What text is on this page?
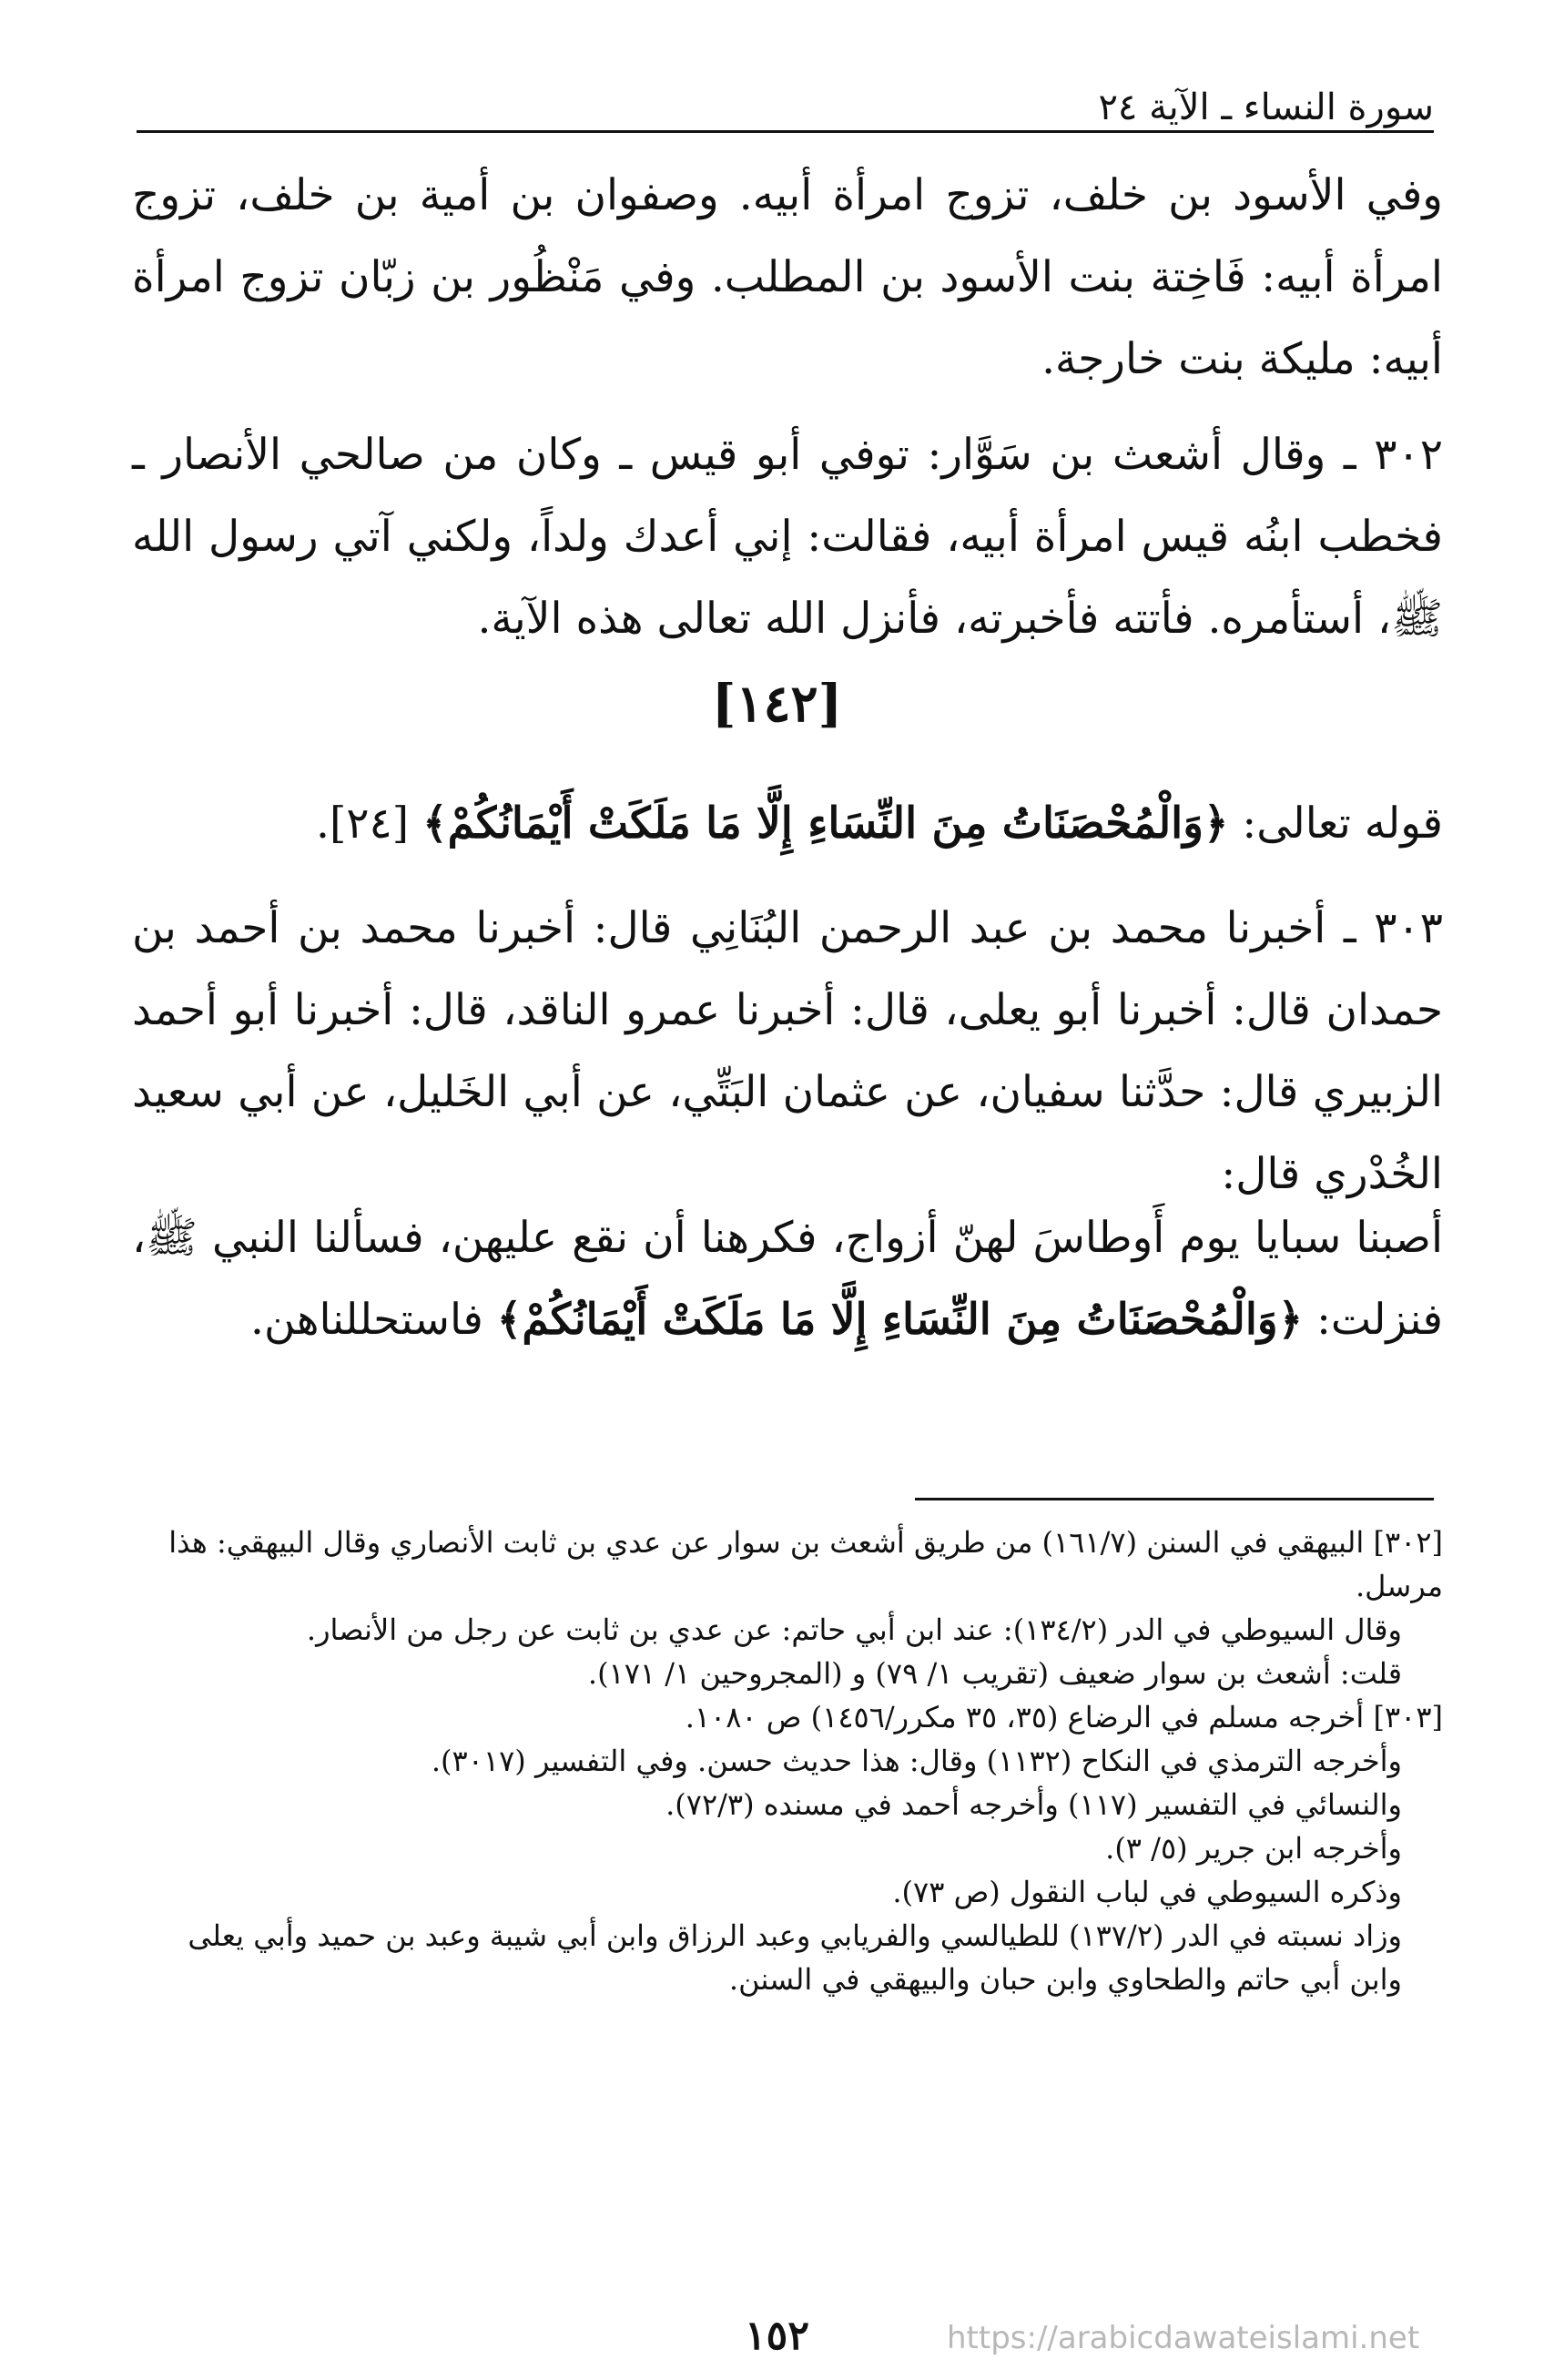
سورة النساء ـ الآية ٢٤
وفي الأسود بن خلف، تزوج امرأة أبيه. وصفوان بن أمية بن خلف، تزوج امرأة أبيه: فَاخِتة بنت الأسود بن المطلب. وفي مَنْظُور بن زبّان تزوج امرأة أبيه: مليكة بنت خارجة.
٣٠٢ ـ وقال أشعث بن سَوَّار: توفي أبو قيس ـ وكان من صالحي الأنصار ـ فخطب ابنُه قيس امرأة أبيه، فقالت: إني أعدك ولداً، ولكني آتي رسول الله ﷺ، أستأمره. فأتته فأخبرته، فأنزل الله تعالى هذه الآية.
[١٤٢]
قوله تعالى: ﴿وَالْمُحْصَنَاتُ مِنَ النِّسَاءِ إِلَّا مَا مَلَكَتْ أَيْمَانُكُمْ﴾ [٢٤].
٣٠٣ ـ أخبرنا محمد بن عبد الرحمن البُنَانِي قال: أخبرنا محمد بن أحمد بن حمدان قال: أخبرنا أبو يعلى، قال: أخبرنا عمرو الناقد، قال: أخبرنا أبو أحمد الزبيري قال: حدَّثنا سفيان، عن عثمان البَتِّي، عن أبي الخَليل، عن أبي سعيد الخُدْري قال:
أصبنا سبايا يوم أَوطاسَ لهنّ أزواج، فكرهنا أن نقع عليهن، فسألنا النبي ﷺ، فنزلت: ﴿وَالْمُحْصَنَاتُ مِنَ النِّسَاءِ إِلَّا مَا مَلَكَتْ أَيْمَانُكُمْ﴾ فاستحللناهن.

[٣٠٢] البيهقي في السنن (١٦١/٧) من طريق أشعث بن سوار عن عدي بن ثابت الأنصاري وقال البيهقي: هذا مرسل.

وقال السيوطي في الدر (١٣٤/٢): عند ابن أبي حاتم: عن عدي بن ثابت عن رجل من الأنصار.

قلت: أشعث بن سوار ضعيف (تقريب ١/ ٧٩) و (المجروحين ١/ ١٧١).

[٣٠٣] أخرجه مسلم في الرضاع (٣٥، ٣٥ مكرر/١٤٥٦) ص ١٠٨٠.

وأخرجه الترمذي في النكاح (١١٣٢) وقال: هذا حديث حسن. وفي التفسير (٣٠١٧).

والنسائي في التفسير (١١٧) وأخرجه أحمد في مسنده (٧٢/٣).

وأخرجه ابن جرير (٥/ ٣).

وذكره السيوطي في لباب النقول (ص ٧٣).

وزاد نسبته في الدر (١٣٧/٢) للطيالسي والفريابي وعبد الرزاق وابن أبي شيبة وعبد بن حميد وأبي يعلى وابن أبي حاتم والطحاوي وابن حبان والبيهقي في السنن.

١٥٢	https://arabicdawateislami.net
